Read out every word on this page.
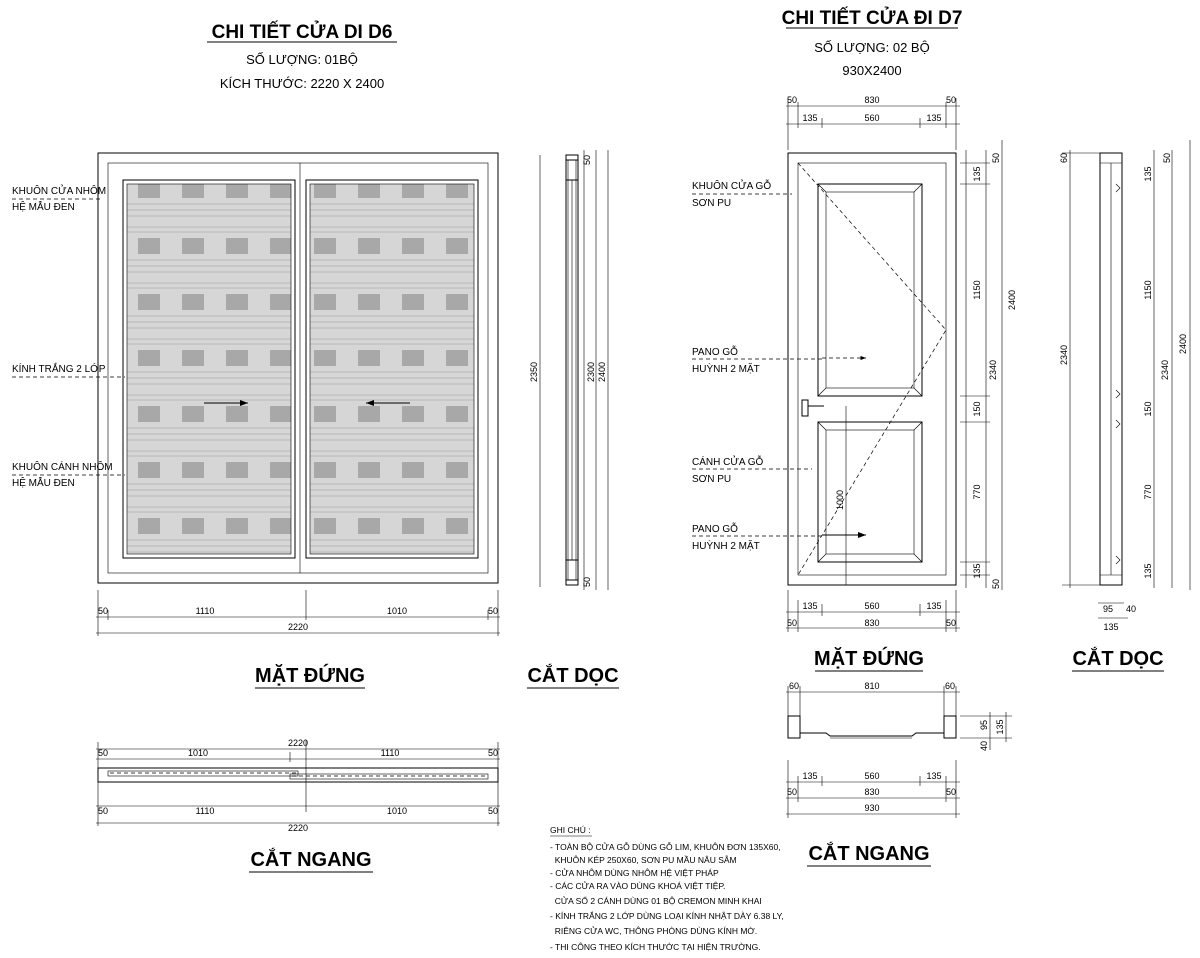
CHI TIẾT CỬA DI D6
SỐ LƯỢNG: 01BỘ
KÍCH THƯỚC: 2220 X 2400
KHUÔN CỬA NHÔM
HỆ MẪU ĐEN
KÍNH TRẮNG 2 LỚP
KHUÔN CÁNH NHÔM
HỆ MẪU ĐEN
50	1110	1010	50
2220
MẶT ĐỨNG
50
50
2350	2300 2400
CẮT DỌC
2220
50	1010	1110	50
50	1110	1010	50
2220
CẮT NGANG
CHI TIẾT CỬA ĐI D7
SỐ LƯỢNG: 02 BỘ
930X2400
50	830	50
135	560	135
1000
KHUÔN CỬA GỖ
SƠN PU
PANO GỖ
HUỲNH 2 MẶT
CÁNH CỬA GỖ
SƠN PU
PANO GỖ
HUỲNH 2 MẶT
50
135
1150
150
770
135
50
2340
2400
135	560	135
50	830	50
MẶT ĐỨNG
60
2340
50
135
1150
150
770
135
2340
2400
95 40
135
CẮT DỌC
60	810	60
95 135
40
135	560	135
50	830	50
930
CẮT NGANG
GHI CHÚ :
- TOÀN BỘ CỬA GỖ DÙNG GỖ LIM, KHUÔN ĐƠN 135X60,
KHUÔN KÉP 250X60, SƠN PU MẦU NÂU SẪM
- CỬA NHÔM DÙNG NHÔM HỆ VIỆT PHÁP
- CÁC CỬA RA VÀO DÙNG KHOÁ VIỆT TIỆP.
CỬA SỔ 2 CÁNH DÙNG 01 BỘ CREMON MINH KHAI
- KÍNH TRẮNG 2 LỚP DÙNG LOẠI KÍNH NHẬT DÀY 6.38 LY,
RIÊNG CỬA WC, THÔNG PHÒNG DÙNG KÍNH MỜ.
- THI CÔNG THEO KÍCH THƯỚC TẠI HIỆN TRƯỜNG.
